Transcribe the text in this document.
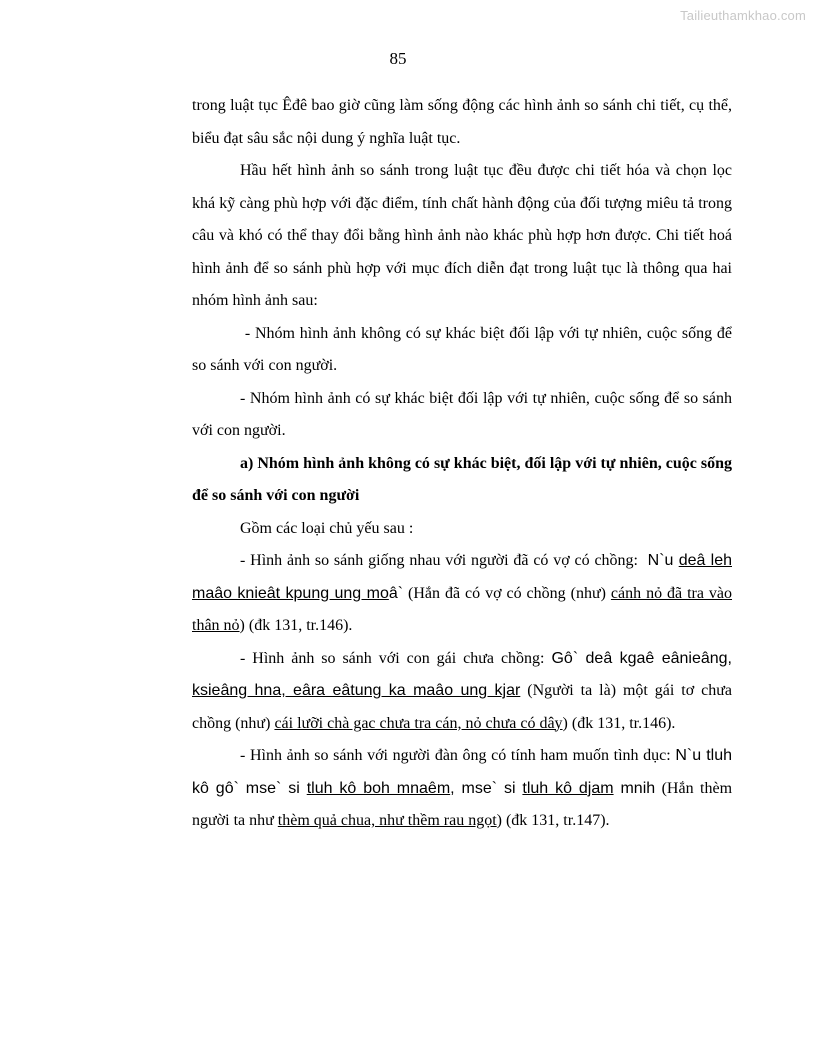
Tailieuthamkhao.com
85

trong luật tục Êđê bao giờ cũng làm sống động các hình ảnh so sánh chi tiết, cụ thể, biểu đạt sâu sắc nội dung ý nghĩa luật tục.

Hầu hết hình ảnh so sánh trong luật tục đều được chi tiết hóa và chọn lọc khá kỹ càng phù hợp với đặc điểm, tính chất hành động của đối tượng miêu tả trong câu và khó có thể thay đổi bằng hình ảnh nào khác phù hợp hơn được. Chi tiết hoá hình ảnh để so sánh phù hợp với mục đích diễn đạt trong luật tục là thông qua hai nhóm hình ảnh sau:

- Nhóm hình ảnh không có sự khác biệt đối lập với tự nhiên, cuộc sống để so sánh với con người.

- Nhóm hình ảnh có sự khác biệt đối lập với tự nhiên, cuộc sống để so sánh với con người.

a) Nhóm hình ảnh không có sự khác biệt, đối lập với tự nhiên, cuộc sống để so sánh với con người

Gồm các loại chủ yếu sau :

- Hình ảnh so sánh giống nhau với người đã có vợ có chồng:  N`u deâ leh maâo knieât kpung ung moâ` (Hắn đã có vợ có chồng (như) cánh nỏ đã tra vào thân nỏ) (đk 131, tr.146).

- Hình ảnh so sánh với con gái chưa chồng: Gô` deâ kgaê eânieâng, ksieâng hna, eâra eâtung ka maâo ung kjar (Người ta là) một gái tơ chưa chồng (như) cái lưỡi chà gac chưa tra cán, nỏ chưa có dây) (đk 131, tr.146).

- Hình ảnh so sánh với người đàn ông có tính ham muốn tình dục: N`u tluh kô gô` mse` si tluh kô boh mnaêm, mse` si tluh kô djam mnih (Hắn thèm người ta như thèm quả chua, như thềm rau ngọt) (đk 131, tr.147).
